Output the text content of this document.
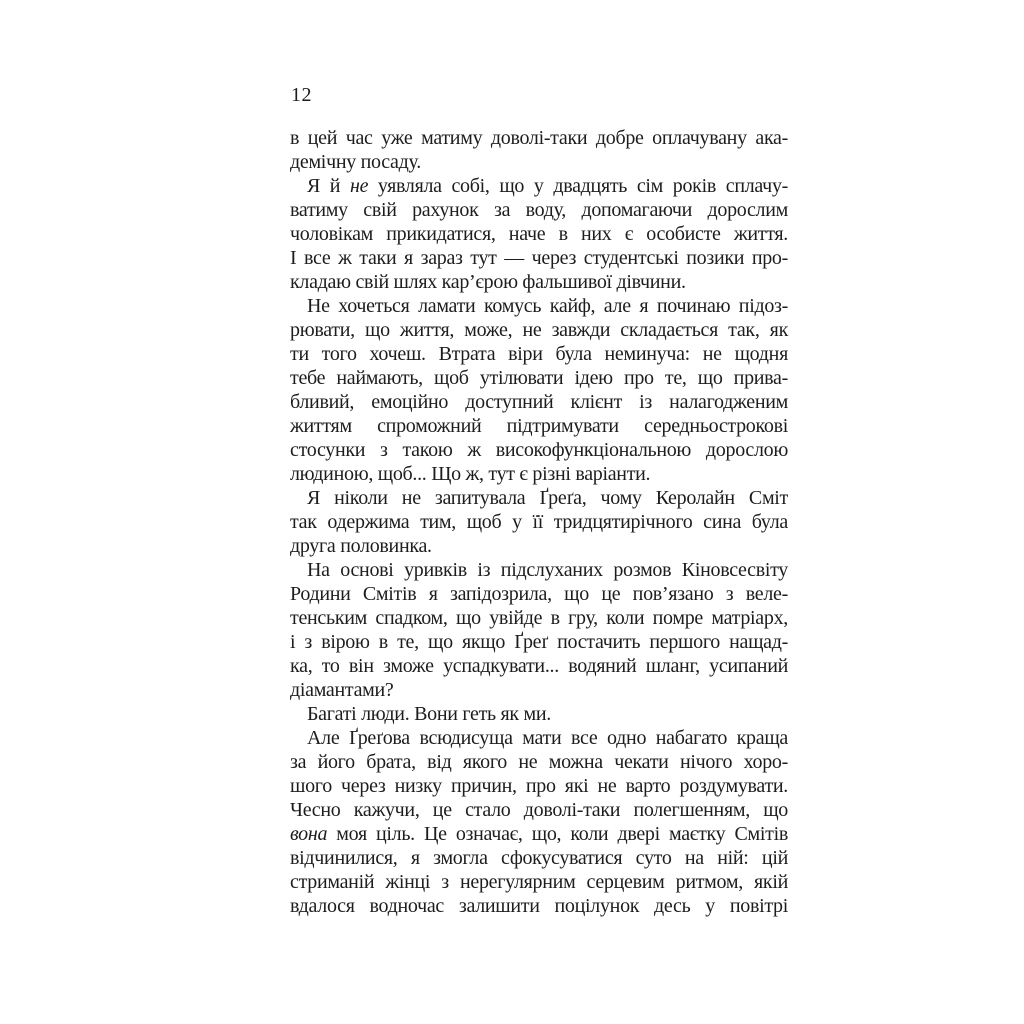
12
в цей час уже матиму доволі-таки добре оплачувану ака-
демічну посаду.
Я й не уявляла собі, що у двадцять сім років сплачу-
ватиму свій рахунок за воду, допомагаючи дорослим
чоловікам прикидатися, наче в них є особисте життя.
І все ж таки я зараз тут — через студентські позики про-
кладаю свій шлях кар’єрою фальшивої дівчини.
Не хочеться ламати комусь кайф, але я починаю підоз-
рювати, що життя, може, не завжди складається так, як
ти того хочеш. Втрата віри була неминуча: не щодня
тебе наймають, щоб утілювати ідею про те, що прива-
бливий, емоційно доступний клієнт із налагодженим
життям спроможний підтримувати середньострокові
стосунки з такою ж високофункціональною дорослою
людиною, щоб... Що ж, тут є різні варіанти.
Я ніколи не запитувала Ґреґа, чому Керолайн Сміт
так одержима тим, щоб у її тридцятирічного сина була
друга половинка.
На основі уривків із підслуханих розмов Кіновсесвіту
Родини Смітів я запідозрила, що це пов’язано з веле-
тенським спадком, що увійде в гру, коли помре матріарх,
і з вірою в те, що якщо Ґреґ постачить першого нащад-
ка, то він зможе успадкувати... водяний шланг, усипаний
діамантами?
Багаті люди. Вони геть як ми.
Але Ґреґова всюдисуща мати все одно набагато краща
за його брата, від якого не можна чекати нічого хоро-
шого через низку причин, про які не варто роздумувати.
Чесно кажучи, це стало доволі-таки полегшенням, що
вона моя ціль. Це означає, що, коли двері маєтку Смітів
відчинилися, я змогла сфокусуватися суто на ній: цій
стриманій жінці з нерегулярним серцевим ритмом, якій
вдалося водночас залишити поцілунок десь у повітрі
